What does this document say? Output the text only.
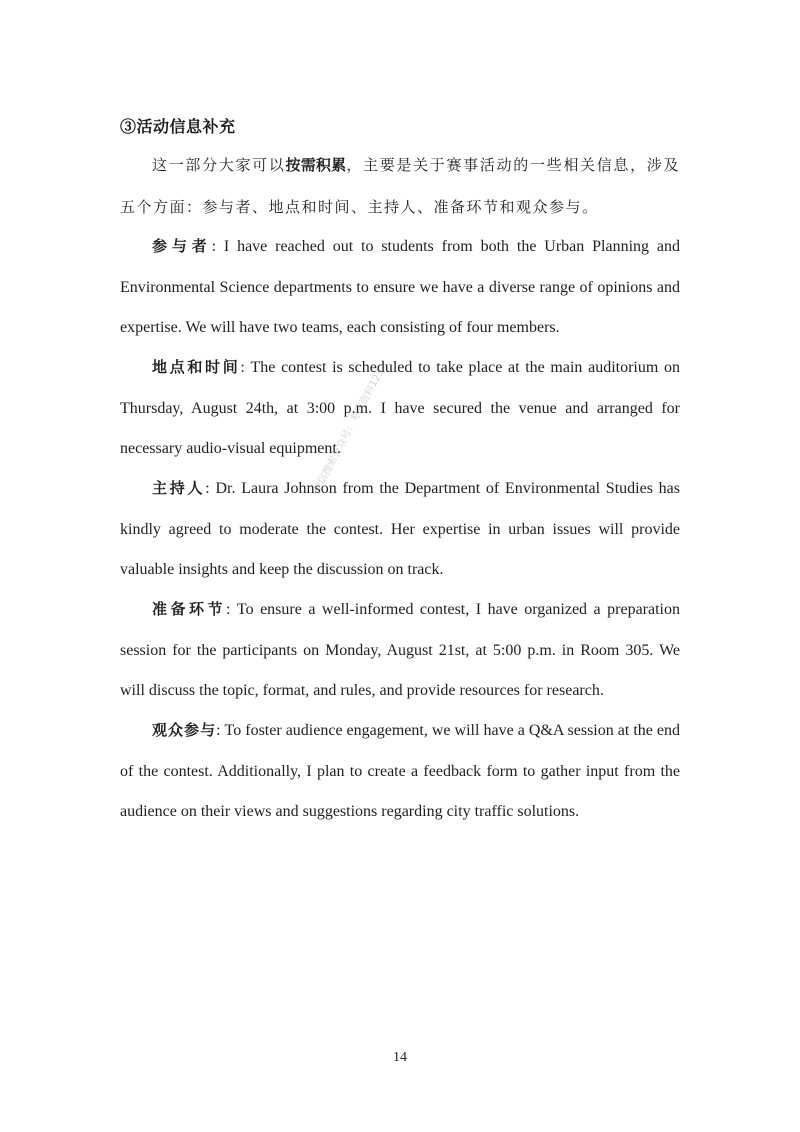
③活动信息补充

这一部分大家可以按需积累，主要是关于赛事活动的一些相关信息，涉及五个方面：参与者、地点和时间、主持人、准备环节和观众参与。

参与者: I have reached out to students from both the Urban Planning and Environmental Science departments to ensure we have a diverse range of opinions and expertise. We will have two teams, each consisting of four members.

地点和时间: The contest is scheduled to take place at the main auditorium on Thursday, August 24th, at 3:00 p.m. I have secured the venue and arranged for necessary audio-visual equipment.

主持人: Dr. Laura Johnson from the Department of Environmental Studies has kindly agreed to moderate the contest. Her expertise in urban issues will provide valuable insights and keep the discussion on track.

准备环节: To ensure a well-informed contest, I have organized a preparation session for the participants on Monday, August 21st, at 5:00 p.m. in Room 305. We will discuss the topic, format, and rules, and provide resources for research.

观众参与: To foster audience engagement, we will have a Q&A session at the end of the contest. Additionally, I plan to create a feedback form to gather input from the audience on their views and suggestions regarding city traffic solutions.

微信搜索公众号：考研资料123
14
